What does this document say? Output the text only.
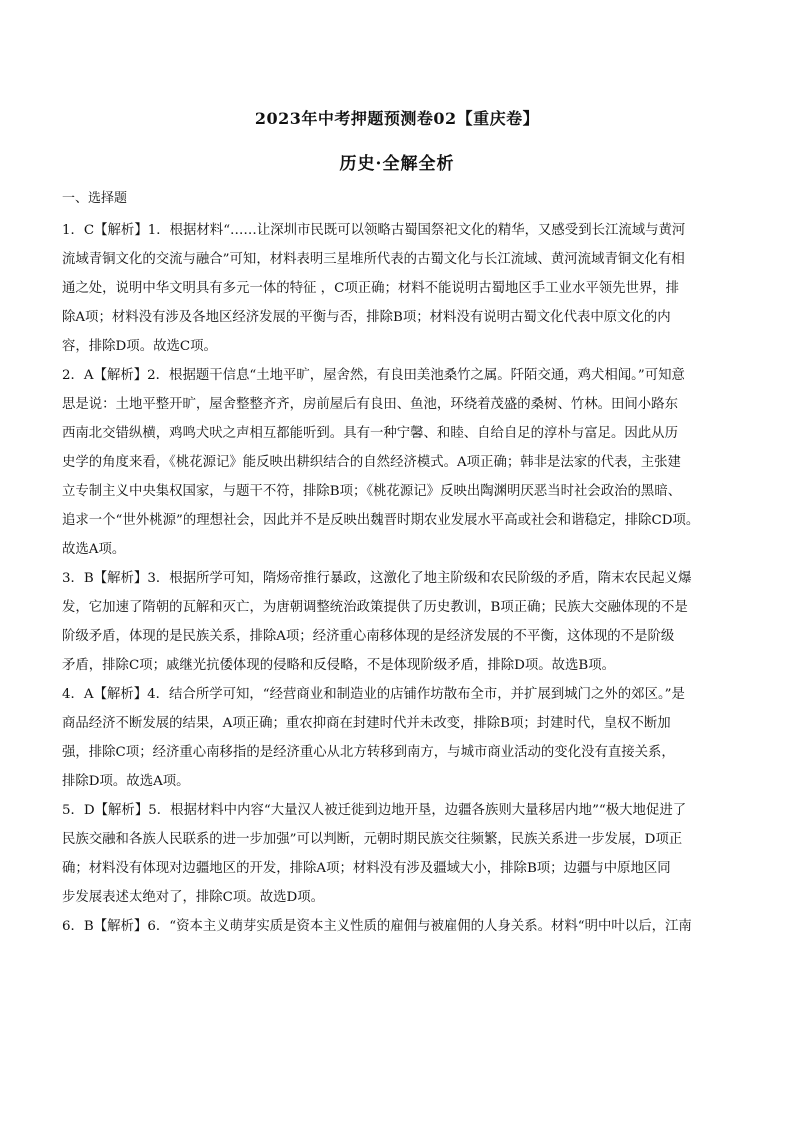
2023年中考押题预测卷02【重庆卷】
历史·全解全析
一、选择题
1．C【解析】1．根据材料“……让深圳市民既可以领略古蜀国祭祀文化的精华，又感受到长江流域与黄河
流域青铜文化的交流与融合”可知，材料表明三星堆所代表的古蜀文化与长江流域、黄河流域青铜文化有相
通之处，说明中华文明具有多元一体的特征 ，C项正确；材料不能说明古蜀地区手工业水平领先世界，排
除A项；材料没有涉及各地区经济发展的平衡与否，排除B项；材料没有说明古蜀文化代表中原文化的内
容，排除D项。故选C项。
2．A【解析】2．根据题干信息“土地平旷，屋舍然，有良田美池桑竹之属。阡陌交通，鸡犬相闻。”可知意
思是说：土地平整开旷，屋舍整整齐齐，房前屋后有良田、鱼池，环绕着茂盛的桑树、竹林。田间小路东
西南北交错纵横，鸡鸣犬吠之声相互都能听到。具有一种宁馨、和睦、自给自足的淳朴与富足。因此从历
史学的角度来看，《桃花源记》能反映出耕织结合的自然经济模式。A项正确；韩非是法家的代表，主张建
立专制主义中央集权国家，与题干不符，排除B项；《桃花源记》反映出陶渊明厌恶当时社会政治的黑暗、
追求一个“世外桃源”的理想社会，因此并不是反映出魏晋时期农业发展水平高或社会和谐稳定，排除CD项。
故选A项。
3．B【解析】3．根据所学可知，隋炀帝推行暴政，这激化了地主阶级和农民阶级的矛盾，隋末农民起义爆
发，它加速了隋朝的瓦解和灭亡，为唐朝调整统治政策提供了历史教训，B项正确；民族大交融体现的不是
阶级矛盾，体现的是民族关系，排除A项；经济重心南移体现的是经济发展的不平衡，这体现的不是阶级
矛盾，排除C项；戚继光抗倭体现的侵略和反侵略，不是体现阶级矛盾，排除D项。故选B项。
4．A【解析】4．结合所学可知，“经营商业和制造业的店铺作坊散布全市，并扩展到城门之外的郊区。”是
商品经济不断发展的结果，A项正确；重农抑商在封建时代并未改变，排除B项；封建时代，皇权不断加
强，排除C项；经济重心南移指的是经济重心从北方转移到南方，与城市商业活动的变化没有直接关系，
排除D项。故选A项。
5．D【解析】5．根据材料中内容“大量汉人被迁徙到边地开垦，边疆各族则大量移居内地”“极大地促进了
民族交融和各族人民联系的进一步加强”可以判断，元朝时期民族交往频繁，民族关系进一步发展，D项正
确；材料没有体现对边疆地区的开发，排除A项；材料没有涉及疆域大小，排除B项；边疆与中原地区同
步发展表述太绝对了，排除C项。故选D项。
6．B【解析】6．“资本主义萌芽实质是资本主义性质的雇佣与被雇佣的人身关系。材料“明中叶以后，江南
